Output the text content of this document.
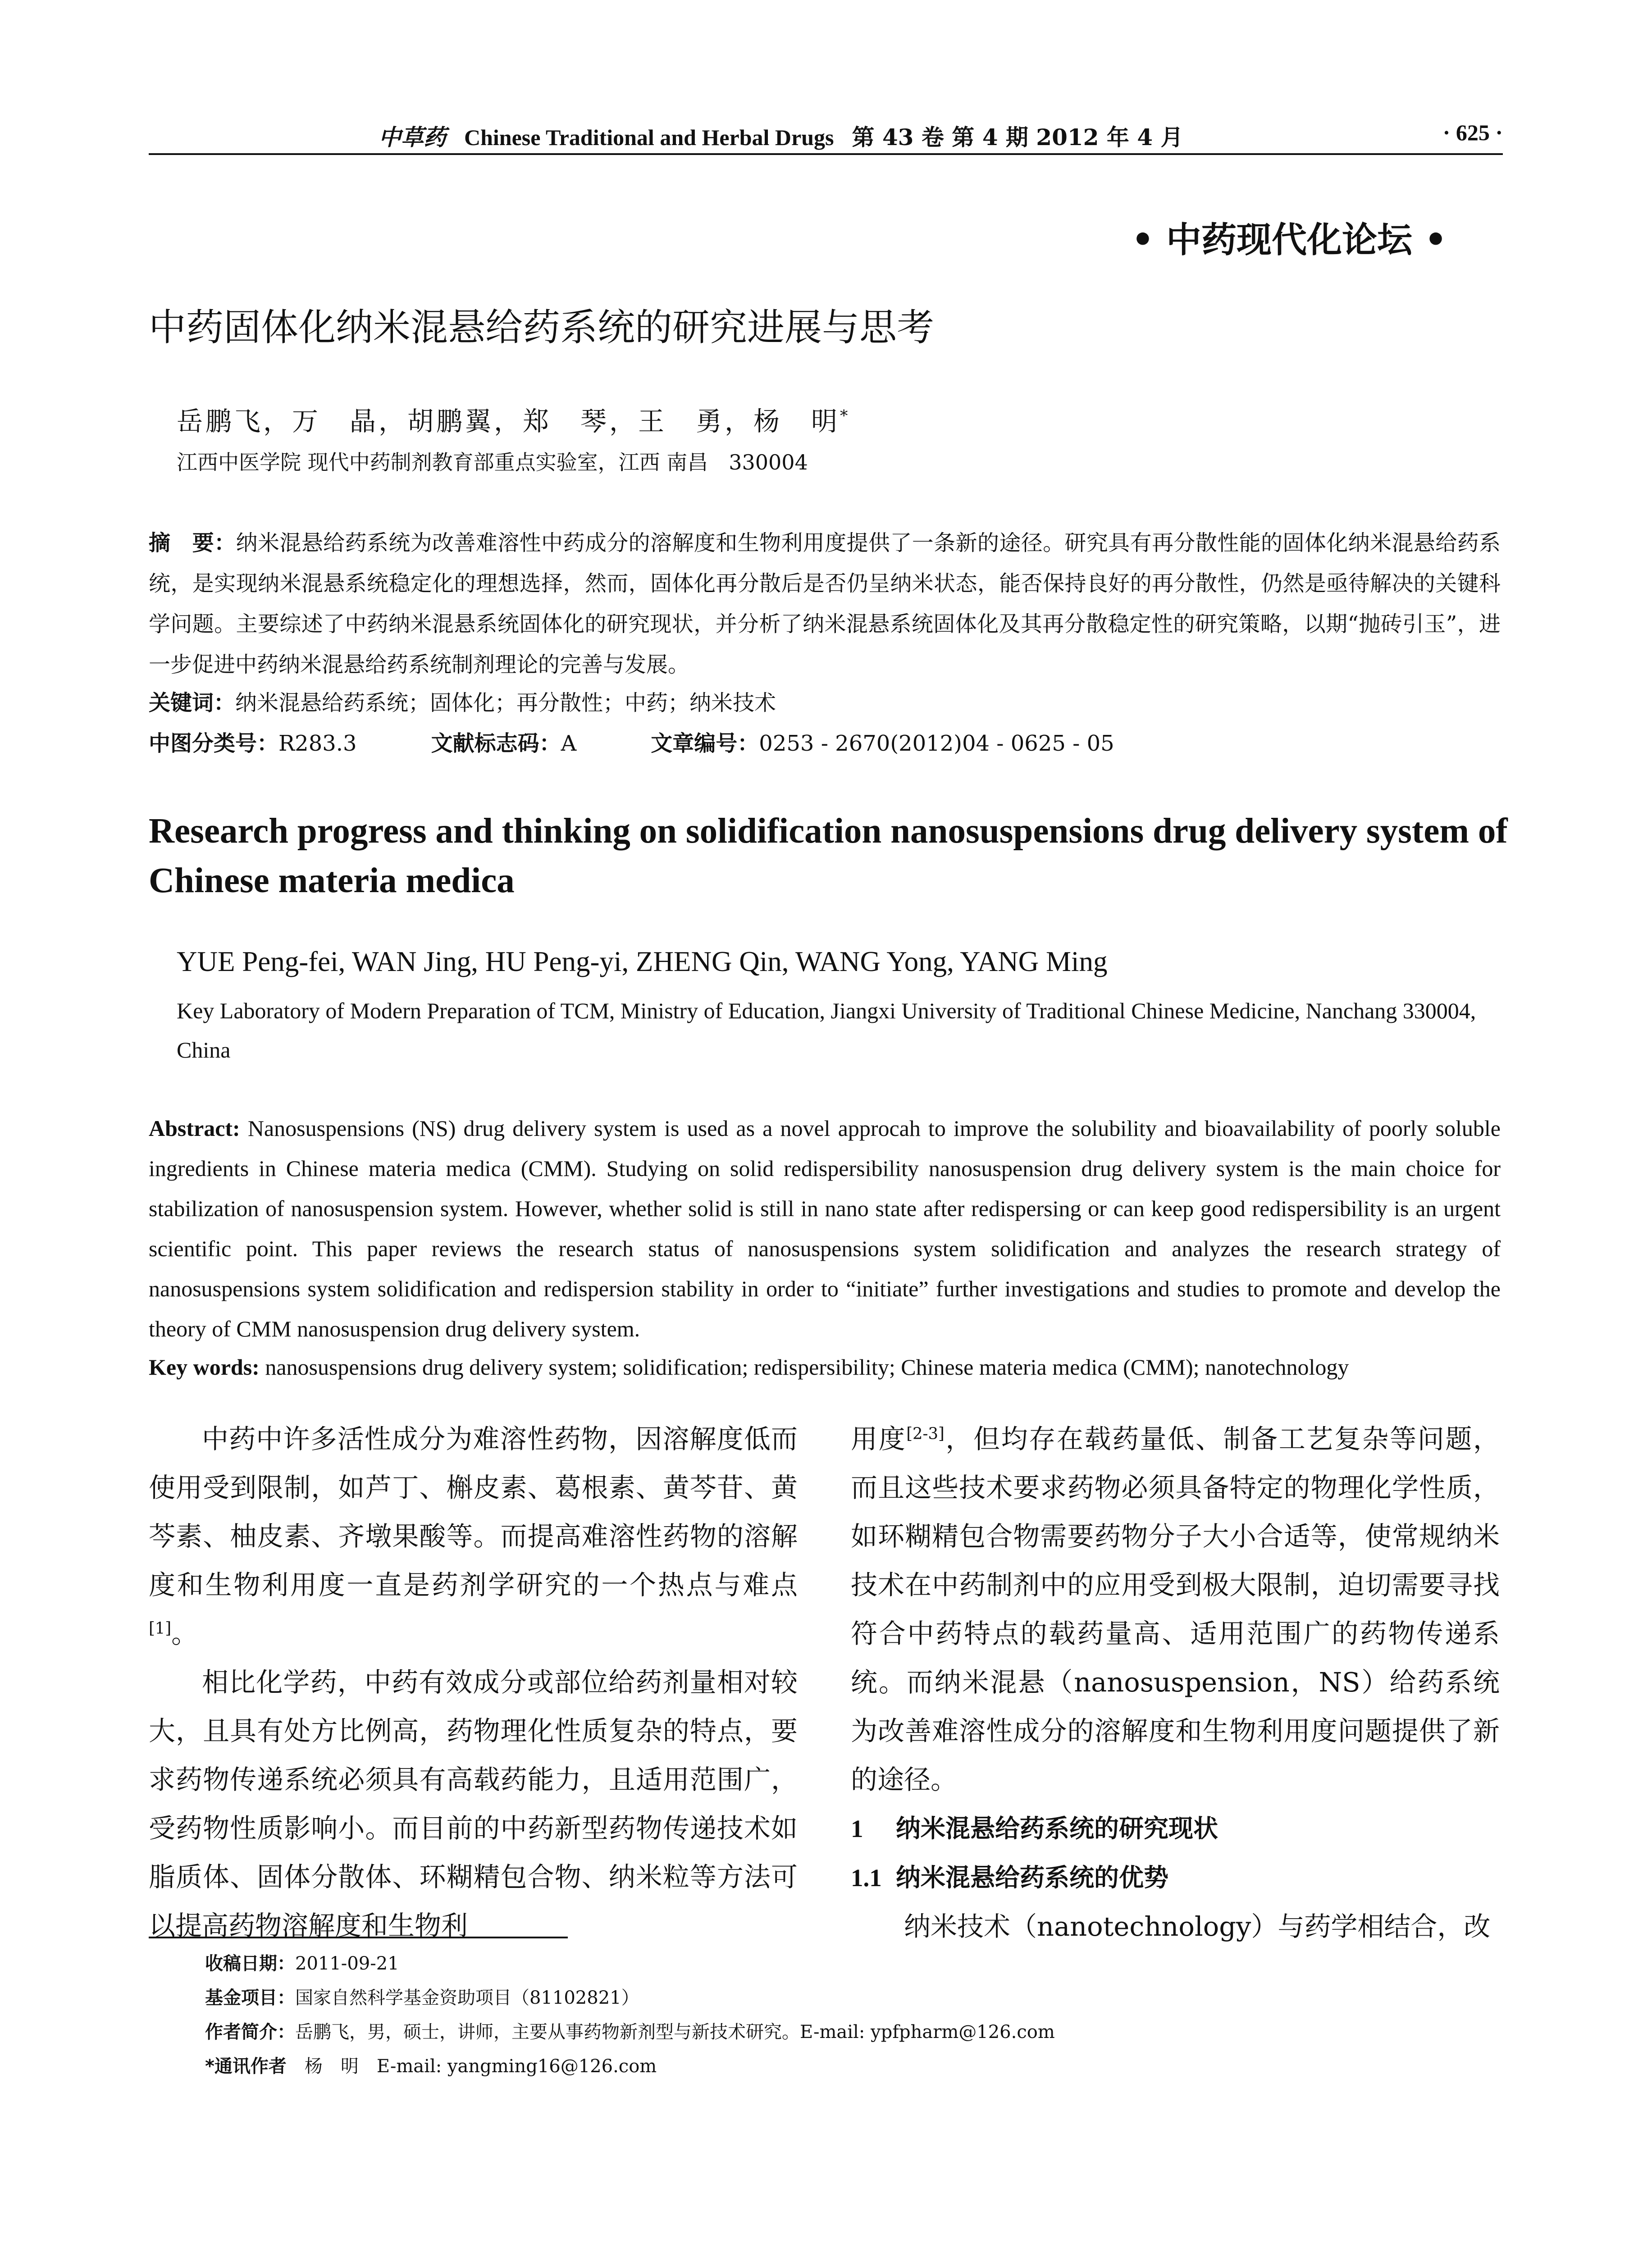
中草药 Chinese Traditional and Herbal Drugs 第 43 卷 第 4 期 2012 年 4 月	· 625 ·
• 中药现代化论坛 •
中药固体化纳米混悬给药系统的研究进展与思考
岳鹏飞，万　晶，胡鹏翼，郑　琴，王　勇，杨　明*
江西中医学院 现代中药制剂教育部重点实验室，江西 南昌　330004
摘　要：纳米混悬给药系统为改善难溶性中药成分的溶解度和生物利用度提供了一条新的途径。研究具有再分散性能的固体化纳米混悬给药系统，是实现纳米混悬系统稳定化的理想选择，然而，固体化再分散后是否仍呈纳米状态，能否保持良好的再分散性，仍然是亟待解决的关键科学问题。主要综述了中药纳米混悬系统固体化的研究现状，并分析了纳米混悬系统固体化及其再分散稳定性的研究策略，以期“抛砖引玉”，进一步促进中药纳米混悬给药系统制剂理论的完善与发展。
关键词：纳米混悬给药系统；固体化；再分散性；中药；纳米技术
中图分类号：R283.3	文献标志码：A	文章编号：0253 - 2670(2012)04 - 0625 - 05
Research progress and thinking on solidification nanosuspensions drug delivery system of Chinese materia medica
YUE Peng-fei, WAN Jing, HU Peng-yi, ZHENG Qin, WANG Yong, YANG Ming
Key Laboratory of Modern Preparation of TCM, Ministry of Education, Jiangxi University of Traditional Chinese Medicine, Nanchang 330004, China
Abstract: Nanosuspensions (NS) drug delivery system is used as a novel approcah to improve the solubility and bioavailability of poorly soluble ingredients in Chinese materia medica (CMM). Studying on solid redispersibility nanosuspension drug delivery system is the main choice for stabilization of nanosuspension system. However, whether solid is still in nano state after redispersing or can keep good redispersibility is an urgent scientific point. This paper reviews the research status of nanosuspensions system solidification and analyzes the research strategy of nanosuspensions system solidification and redispersion stability in order to “initiate” further investigations and studies to promote and develop the theory of CMM nanosuspension drug delivery system.
Key words: nanosuspensions drug delivery system; solidification; redispersibility; Chinese materia medica (CMM); nanotechnology

中药中许多活性成分为难溶性药物，因溶解度低而使用受到限制，如芦丁、槲皮素、葛根素、黄芩苷、黄芩素、柚皮素、齐墩果酸等。而提高难溶性药物的溶解度和生物利用度一直是药剂学研究的一个热点与难点[1]。

相比化学药，中药有效成分或部位给药剂量相对较大，且具有处方比例高，药物理化性质复杂的特点，要求药物传递系统必须具有高载药能力，且适用范围广，受药物性质影响小。而目前的中药新型药物传递技术如脂质体、固体分散体、环糊精包合物、纳米粒等方法可以提高药物溶解度和生物利

用度[2-3]，但均存在载药量低、制备工艺复杂等问题，而且这些技术要求药物必须具备特定的物理化学性质，如环糊精包合物需要药物分子大小合适等，使常规纳米技术在中药制剂中的应用受到极大限制，迫切需要寻找符合中药特点的载药量高、适用范围广的药物传递系统。而纳米混悬（nanosuspension，NS）给药系统为改善难溶性成分的溶解度和生物利用度问题提供了新的途径。

1 纳米混悬给药系统的研究现状
1.1 纳米混悬给药系统的优势

纳米技术（nanotechnology）与药学相结合，改

收稿日期：2011-09-21
基金项目：国家自然科学基金资助项目（81102821）
作者简介：岳鹏飞，男，硕士，讲师，主要从事药物新剂型与新技术研究。E-mail: ypfpharm@126.com
*通讯作者　杨　明　E-mail: yangming16@126.com
